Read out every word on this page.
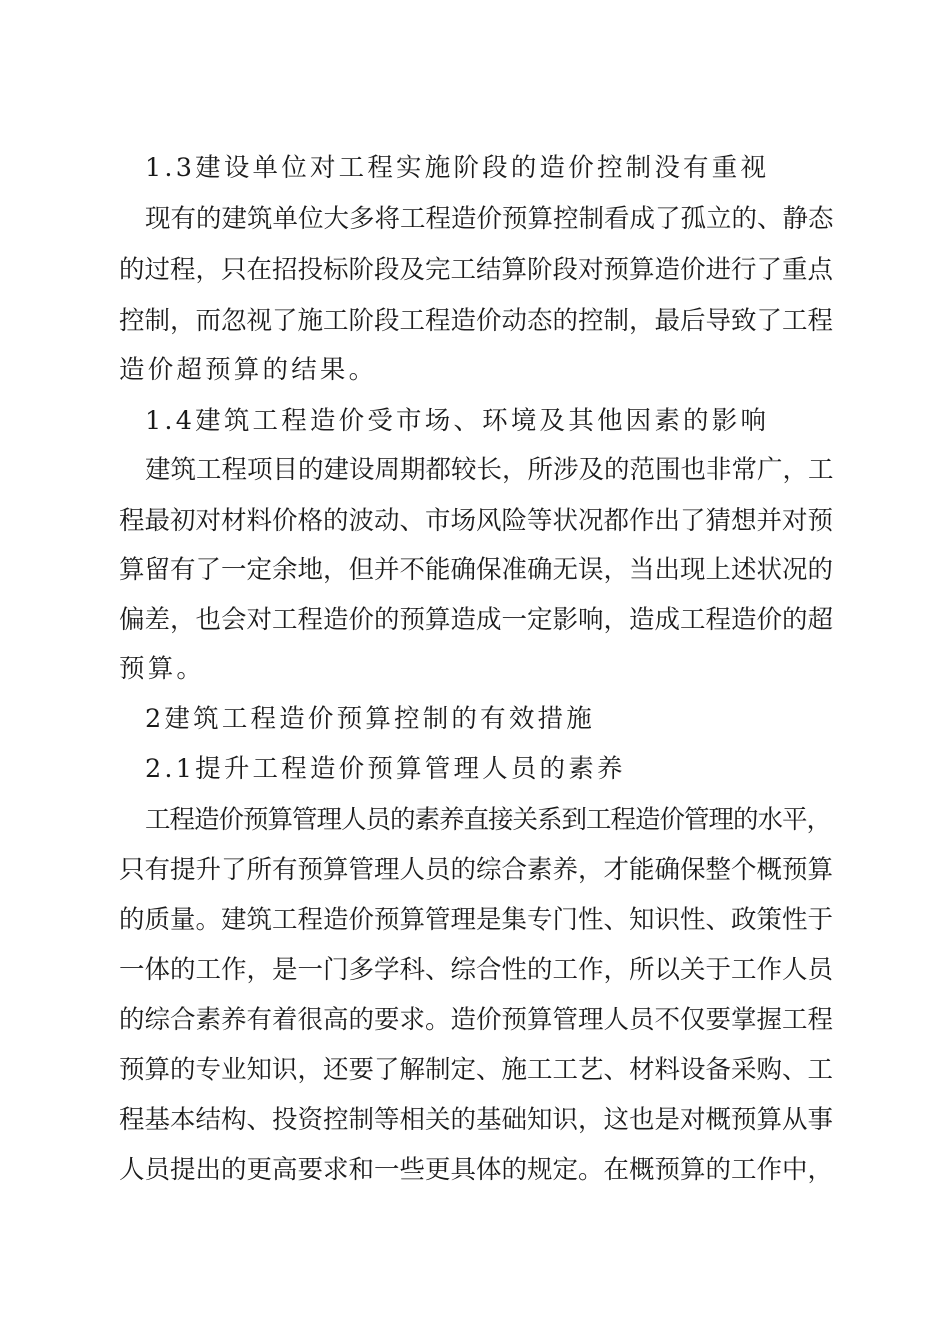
1.3建设单位对工程实施阶段的造价控制没有重视
现有的建筑单位大多将工程造价预算控制看成了孤立的、静态
的过程，只在招投标阶段及完工结算阶段对预算造价进行了重点
控制，而忽视了施工阶段工程造价动态的控制，最后导致了工程
造价超预算的结果。
1.4建筑工程造价受市场、环境及其他因素的影响
建筑工程项目的建设周期都较长，所涉及的范围也非常广，工
程最初对材料价格的波动、市场风险等状况都作出了猜想并对预
算留有了一定余地，但并不能确保准确无误，当出现上述状况的
偏差，也会对工程造价的预算造成一定影响，造成工程造价的超
预算。
2建筑工程造价预算控制的有效措施
2.1提升工程造价预算管理人员的素养
工程造价预算管理人员的素养直接关系到工程造价管理的水平，
只有提升了所有预算管理人员的综合素养，才能确保整个概预算
的质量。建筑工程造价预算管理是集专门性、知识性、政策性于
一体的工作，是一门多学科、综合性的工作，所以关于工作人员
的综合素养有着很高的要求。造价预算管理人员不仅要掌握工程
预算的专业知识，还要了解制定、施工工艺、材料设备采购、工
程基本结构、投资控制等相关的基础知识，这也是对概预算从事
人员提出的更高要求和一些更具体的规定。在概预算的工作中，
